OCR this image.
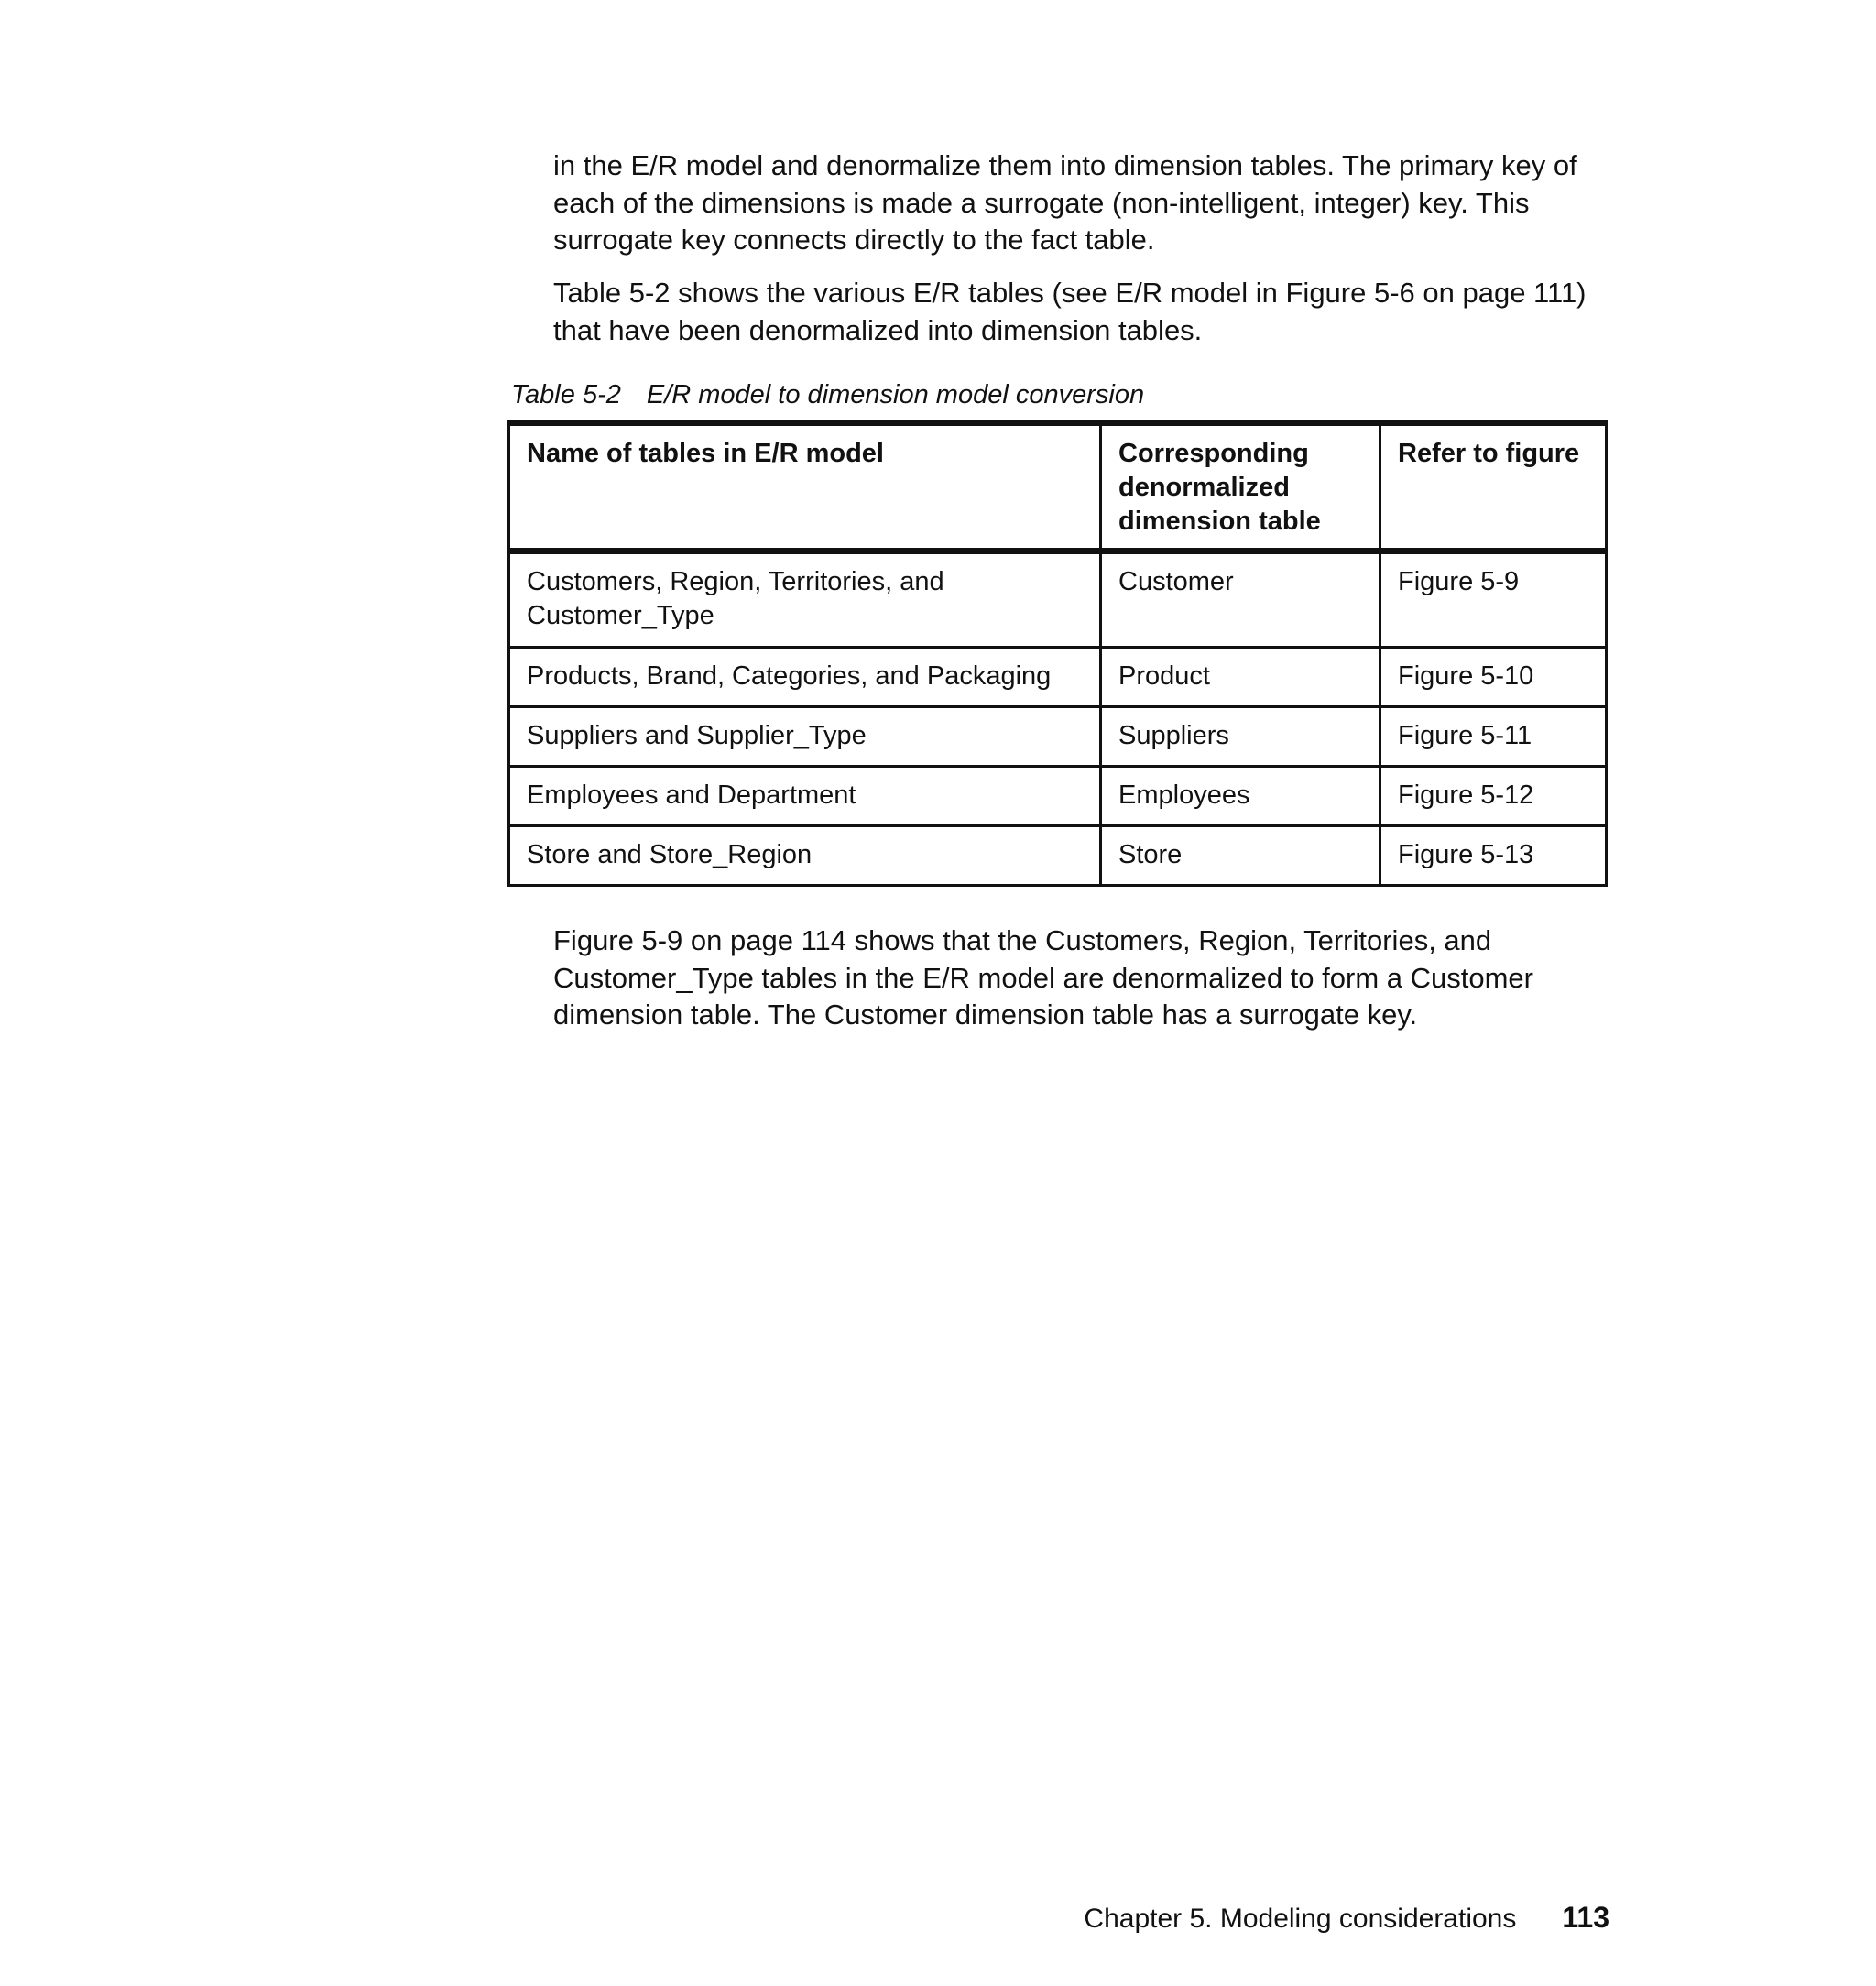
in the E/R model and denormalize them into dimension tables. The primary key of each of the dimensions is made a surrogate (non-intelligent, integer) key. This surrogate key connects directly to the fact table.

Table 5-2 shows the various E/R tables (see E/R model in Figure 5-6 on page 111) that have been denormalized into dimension tables.

Table 5-2 E/R model to dimension model conversion
Name of tables in E/R model	Corresponding denormalized dimension table	Refer to figure
Customers, Region, Territories, and Customer_Type	Customer	Figure 5-9
Products, Brand, Categories, and Packaging	Product	Figure 5-10
Suppliers and Supplier_Type	Suppliers	Figure 5-11
Employees and Department	Employees	Figure 5-12
Store and Store_Region	Store	Figure 5-13

Figure 5-9 on page 114 shows that the Customers, Region, Territories, and Customer_Type tables in the E/R model are denormalized to form a Customer dimension table. The Customer dimension table has a surrogate key.

Chapter 5. Modeling considerations 113
